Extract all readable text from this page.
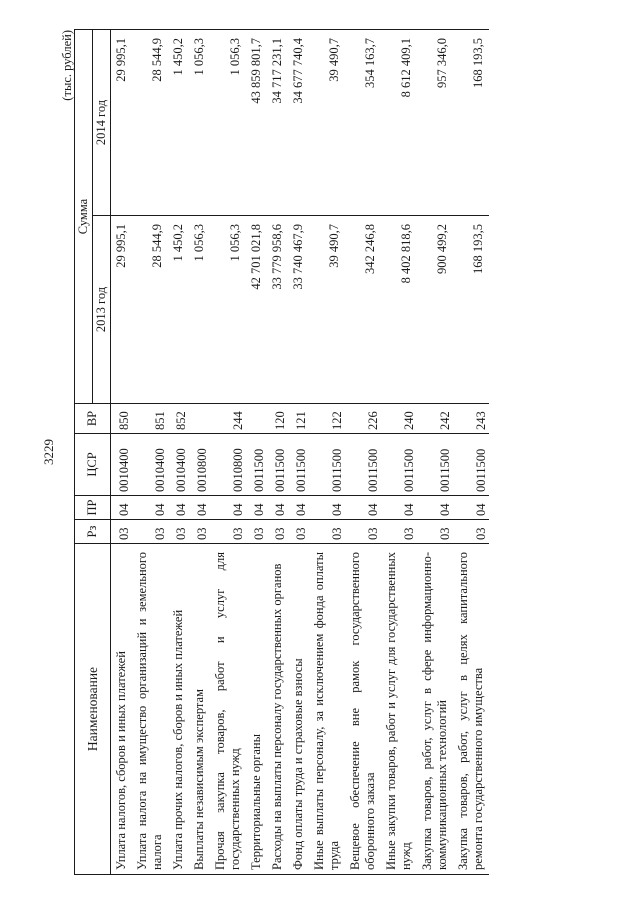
3229
(тыс. рублей)
Наименование	Рз	ПР	ЦСР	ВР	Сумма	
					2013 год	2014 год
Уплата налогов, сборов и иных платежей	03	04	0010400	850	29 995,1	29 995,1
Уплата налога на имущество организаций и земельного налога	03	04	0010400	851	28 544,9	28 544,9
Уплата прочих налогов, сборов и иных платежей	03	04	0010400	852	1 450,2	1 450,2
Выплаты независимым экспертам	03	04	0010800		1 056,3	1 056,3
Прочая закупка товаров, работ и услуг для государственных нужд	03	04	0010800	244	1 056,3	1 056,3
Территориальные органы	03	04	0011500		42 701 021,8	43 859 801,7
Расходы на выплаты персоналу государственных органов	03	04	0011500	120	33 779 958,6	34 717 231,1
Фонд оплаты труда и страховые взносы	03	04	0011500	121	33 740 467,9	34 677 740,4
Иные выплаты персоналу, за исключением фонда оплаты труда	03	04	0011500	122	39 490,7	39 490,7
Вещевое обеспечение вне рамок государственного оборонного заказа	03	04	0011500	226	342 246,8	354 163,7
Иные закупки товаров, работ и услуг для государственных нужд	03	04	0011500	240	8 402 818,6	8 612 409,1
Закупка товаров, работ, услуг в сфере информационно-коммуникационных технологий	03	04	0011500	242	900 499,2	957 346,0
Закупка товаров, работ, услуг в целях капитального ремонта государственного имущества	03	04	0011500	243	168 193,5	168 193,5
